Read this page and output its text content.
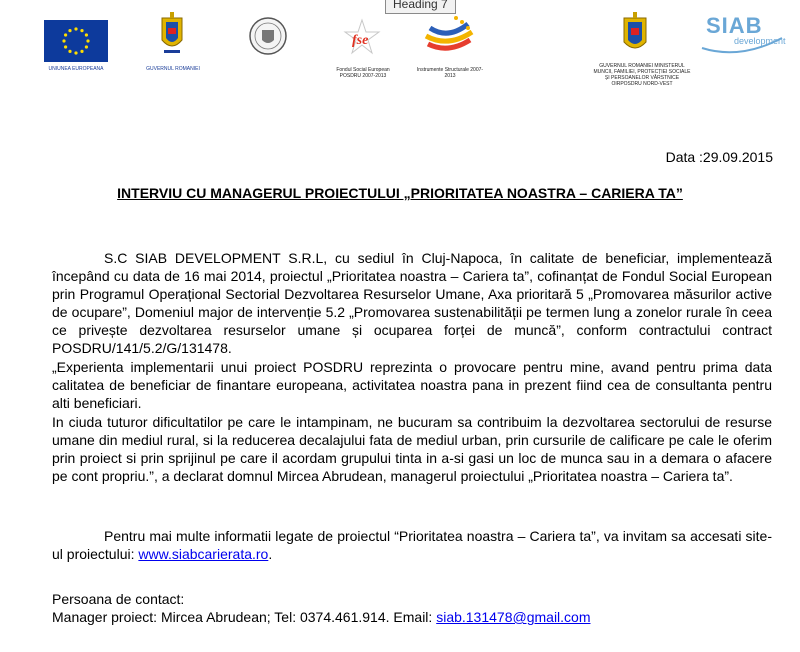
Heading 7
UNIUNEA EUROPEANA	GUVERNUL ROMANIEI
fse
Fondul Social European POSDRU 2007-2013
Instrumente Structurale 2007-2013
GUVERNUL ROMANIEI MINISTERUL MUNCII, FAMILIEI, PROTECȚIEI SOCIALE ȘI PERSOANELOR VÂRSTNICE OIRPOSDRU NORD-VEST
SIAB
development
Data :29.09.2015
INTERVIU CU MANAGERUL PROIECTULUI „PRIORITATEA NOASTRA – CARIERA TA”
S.C SIAB DEVELOPMENT S.R.L, cu sediul în Cluj-Napoca, în calitate de beneficiar, implementează începând cu data de 16 mai 2014, proiectul „Prioritatea noastra – Cariera ta”, cofinanțat de Fondul Social European prin Programul Operațional Sectorial Dezvoltarea Resurselor Umane, Axa prioritară 5 „Promovarea măsurilor active de ocupare”, Domeniul major de intervenție 5.2 „Promovarea sustenabilității pe termen lung a zonelor rurale în ceea ce privește dezvoltarea resurselor umane și ocuparea forței de muncă”, conform contractului contract POSDRU/141/5.2/G/131478.
„Experienta implementarii unui proiect POSDRU reprezinta o provocare pentru mine, avand pentru prima data calitatea de beneficiar de finantare europeana, activitatea noastra pana in prezent fiind cea de consultanta pentru alti beneficiari.
In ciuda tuturor dificultatilor pe care le intampinam, ne bucuram sa contribuim la dezvoltarea sectorului de resurse umane din mediul rural, si la reducerea decalajului fata de mediul urban, prin cursurile de calificare pe cale le oferim prin proiect si prin sprijinul pe care il acordam grupului tinta in a-si gasi un loc de munca sau in a demara o afacere pe cont propriu.”, a declarat domnul Mircea Abrudean, managerul proiectului „Prioritatea noastra – Cariera ta”.
Pentru mai multe informatii legate de proiectul “Prioritatea noastra – Cariera ta”, va invitam sa accesati site-ul proiectului: www.siabcarierata.ro.
Persoana de contact:
Manager proiect: Mircea Abrudean; Tel: 0374.461.914. Email: siab.131478@gmail.com
